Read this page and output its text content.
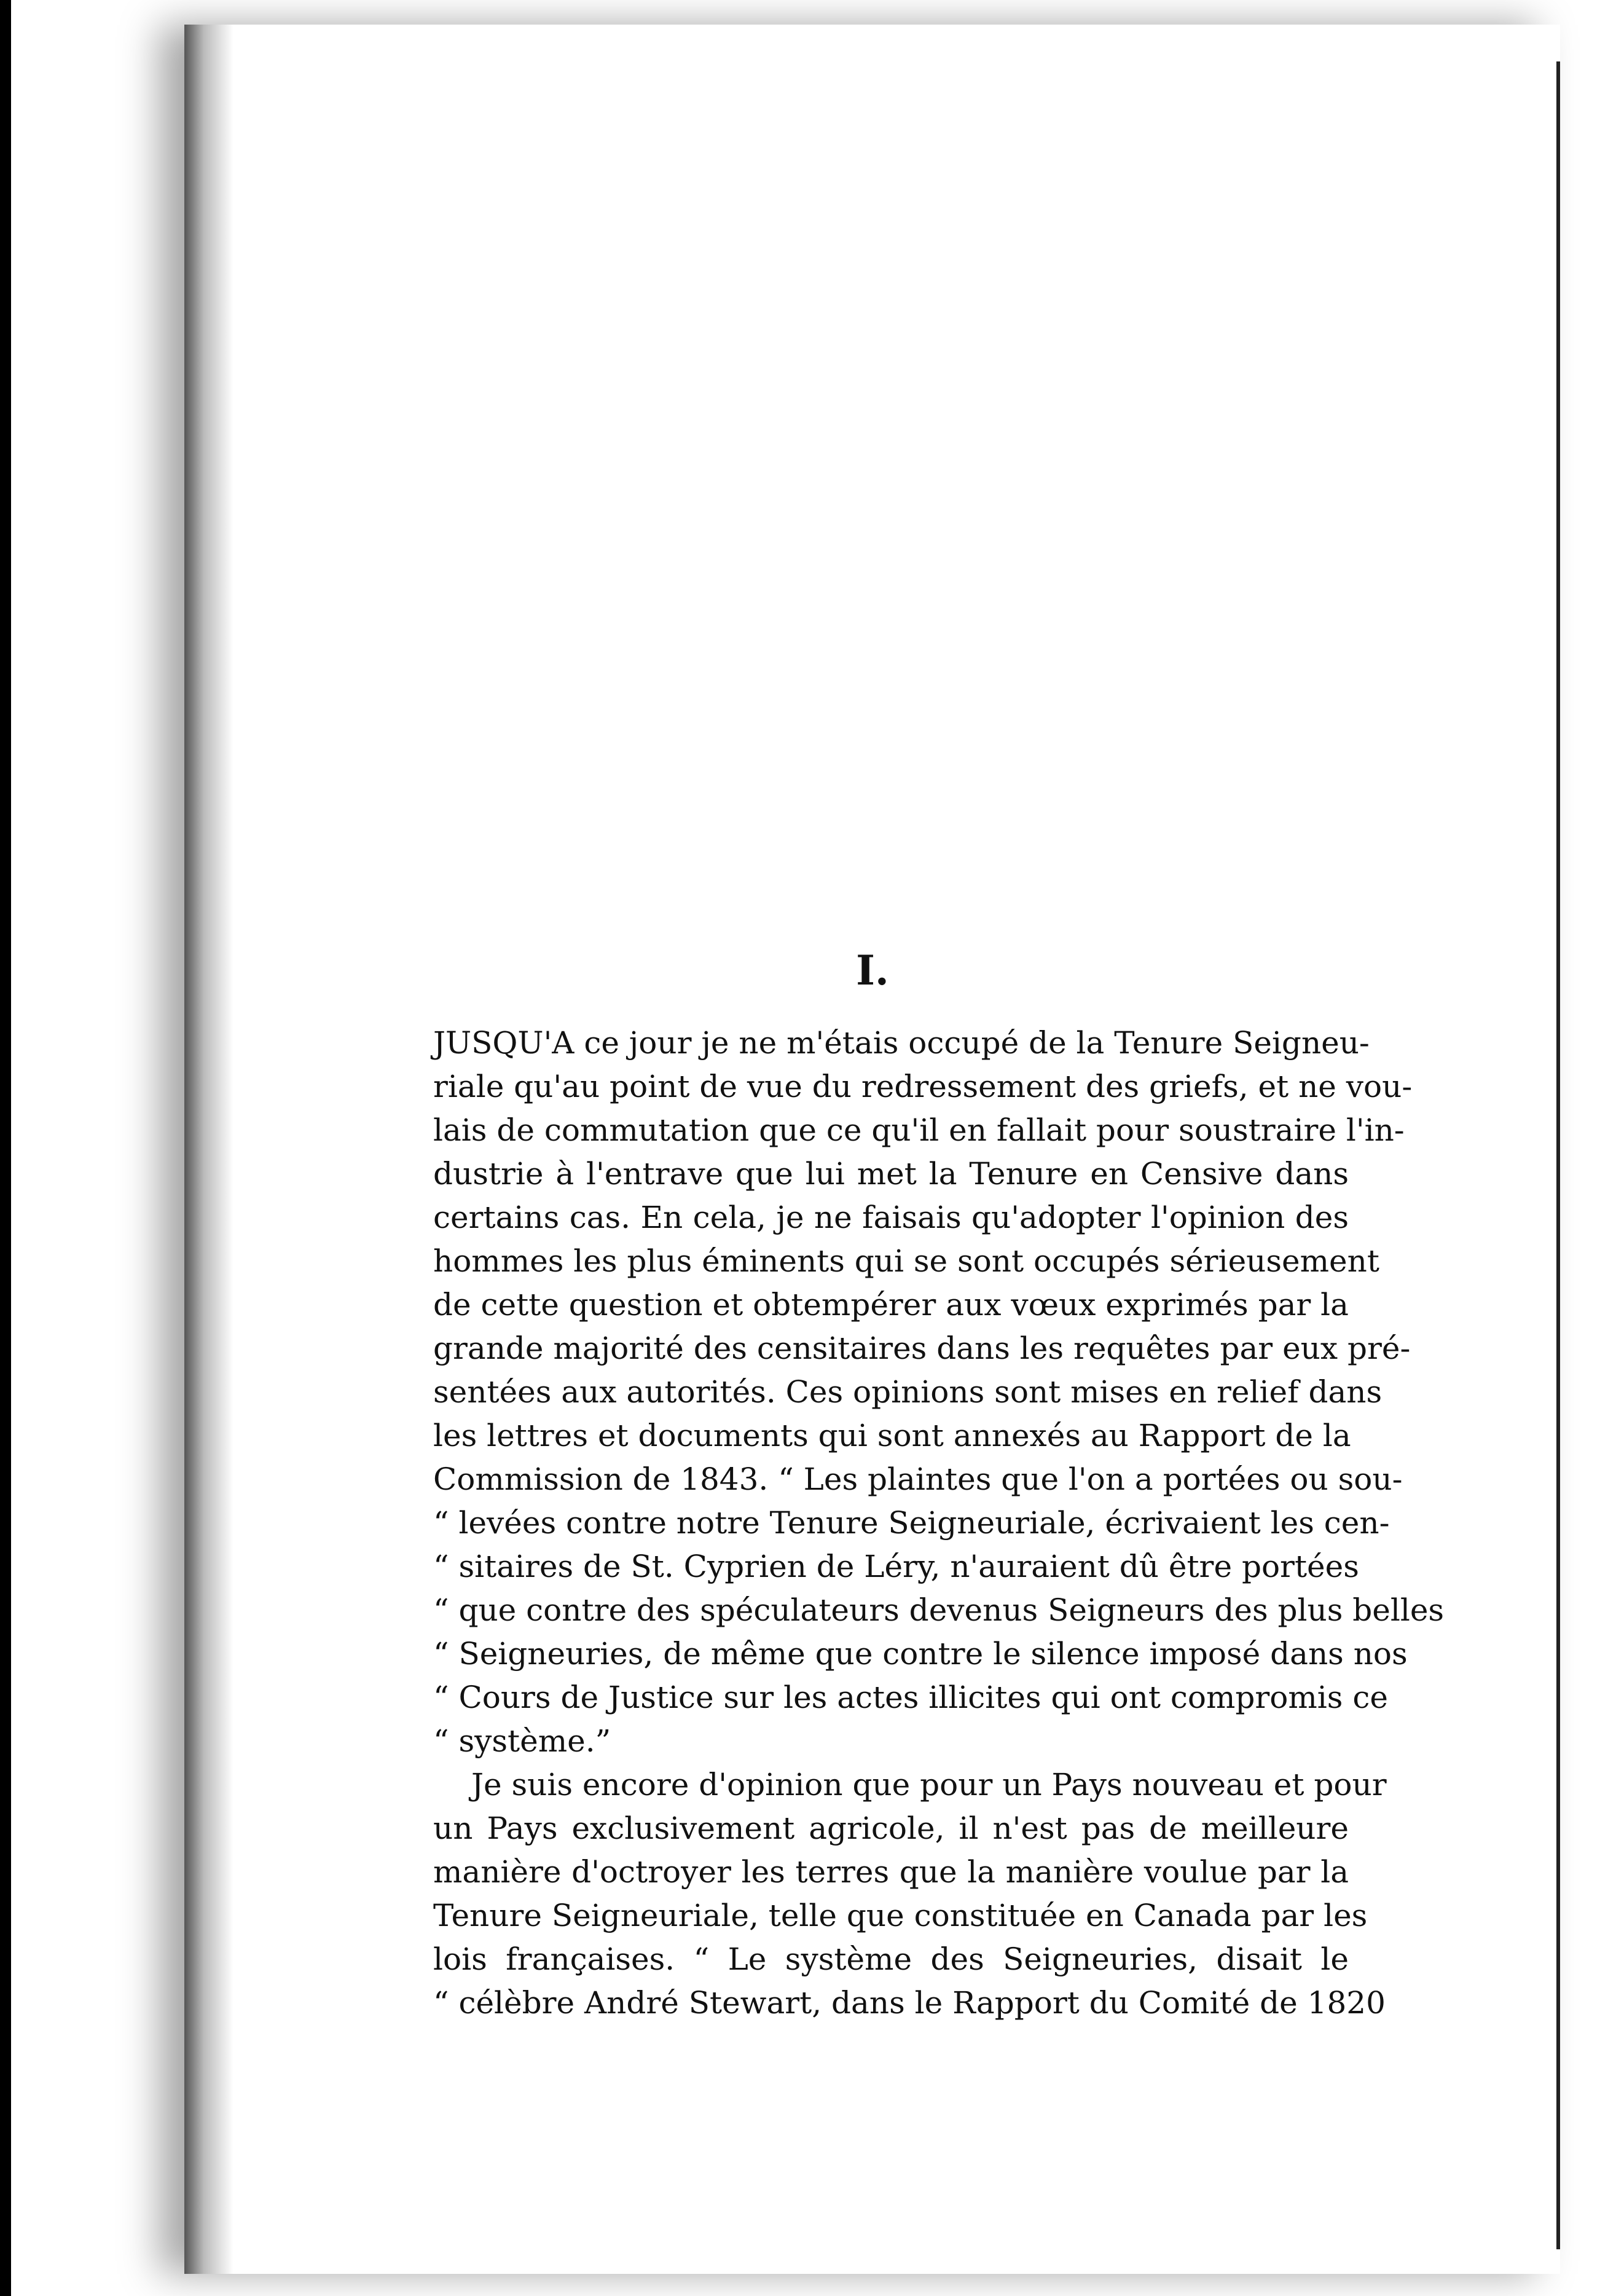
I.
JUSQU'A ce jour je ne m'étais occupé de la Tenure Seigneu-
riale qu'au point de vue du redressement des griefs, et ne vou-
lais de commutation que ce qu'il en fallait pour soustraire l'in-
dustrie à l'entrave que lui met la Tenure en Censive dans
certains cas. En cela, je ne faisais qu'adopter l'opinion des
hommes les plus éminents qui se sont occupés sérieusement
de cette question et obtempérer aux vœux exprimés par la
grande majorité des censitaires dans les requêtes par eux pré-
sentées aux autorités. Ces opinions sont mises en relief dans
les lettres et documents qui sont annexés au Rapport de la
Commission de 1843. “ Les plaintes que l'on a portées ou sou-
“ levées contre notre Tenure Seigneuriale, écrivaient les cen-
“ sitaires de St. Cyprien de Léry, n'auraient dû être portées
“ que contre des spéculateurs devenus Seigneurs des plus belles
“ Seigneuries, de même que contre le silence imposé dans nos
“ Cours de Justice sur les actes illicites qui ont compromis ce
“ système.”
Je suis encore d'opinion que pour un Pays nouveau et pour
un Pays exclusivement agricole, il n'est pas de meilleure
manière d'octroyer les terres que la manière voulue par la
Tenure Seigneuriale, telle que constituée en Canada par les
lois françaises. “ Le système des Seigneuries, disait le
“ célèbre André Stewart, dans le Rapport du Comité de 1820
